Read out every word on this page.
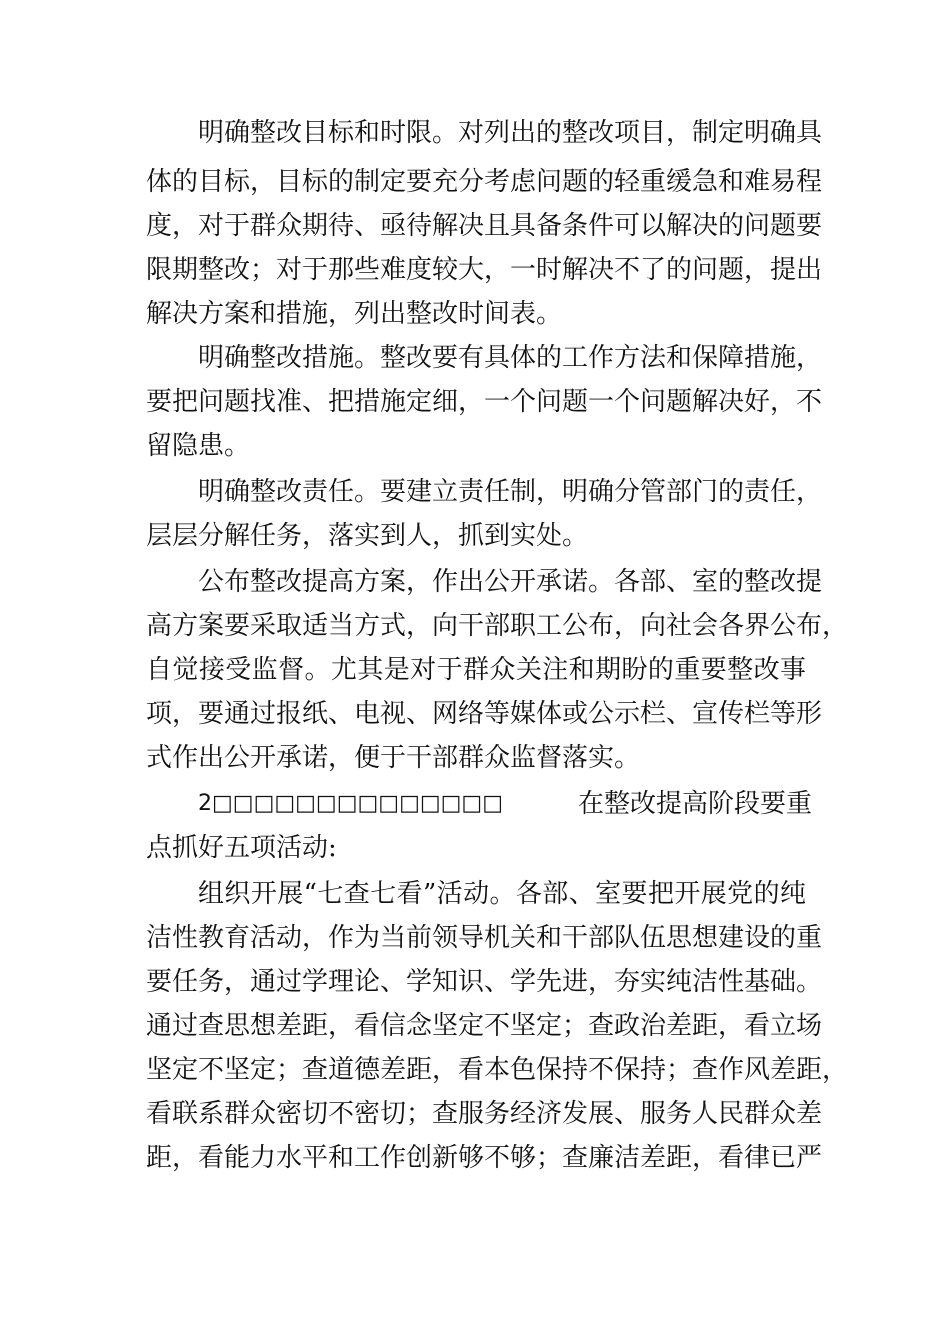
明确整改目标和时限。对列出的整改项目，制定明确具
体的目标，目标的制定要充分考虑问题的轻重缓急和难易程
度，对于群众期待、亟待解决且具备条件可以解决的问题要
限期整改；对于那些难度较大，一时解决不了的问题，提出
解决方案和措施，列出整改时间表。
明确整改措施。整改要有具体的工作方法和保障措施，
要把问题找准、把措施定细，一个问题一个问题解决好，不
留隐患。
明确整改责任。要建立责任制，明确分管部门的责任，
层层分解任务，落实到人，抓到实处。
公布整改提高方案，作出公开承诺。各部、室的整改提
高方案要采取适当方式，向干部职工公布，向社会各界公布，
自觉接受监督。尤其是对于群众关注和期盼的重要整改事
项，要通过报纸、电视、网络等媒体或公示栏、宣传栏等形
式作出公开承诺，便于干部群众监督落实。
2□□□□□□□□□□□□□□	在整改提高阶段要重
点抓好五项活动:
组织开展“七查七看”活动。各部、室要把开展党的纯
洁性教育活动，作为当前领导机关和干部队伍思想建设的重
要任务，通过学理论、学知识、学先进，夯实纯洁性基础。
通过查思想差距，看信念坚定不坚定；查政治差距，看立场
坚定不坚定；查道德差距，看本色保持不保持；查作风差距，
看联系群众密切不密切；查服务经济发展、服务人民群众差
距，看能力水平和工作创新够不够；查廉洁差距，看律已严
